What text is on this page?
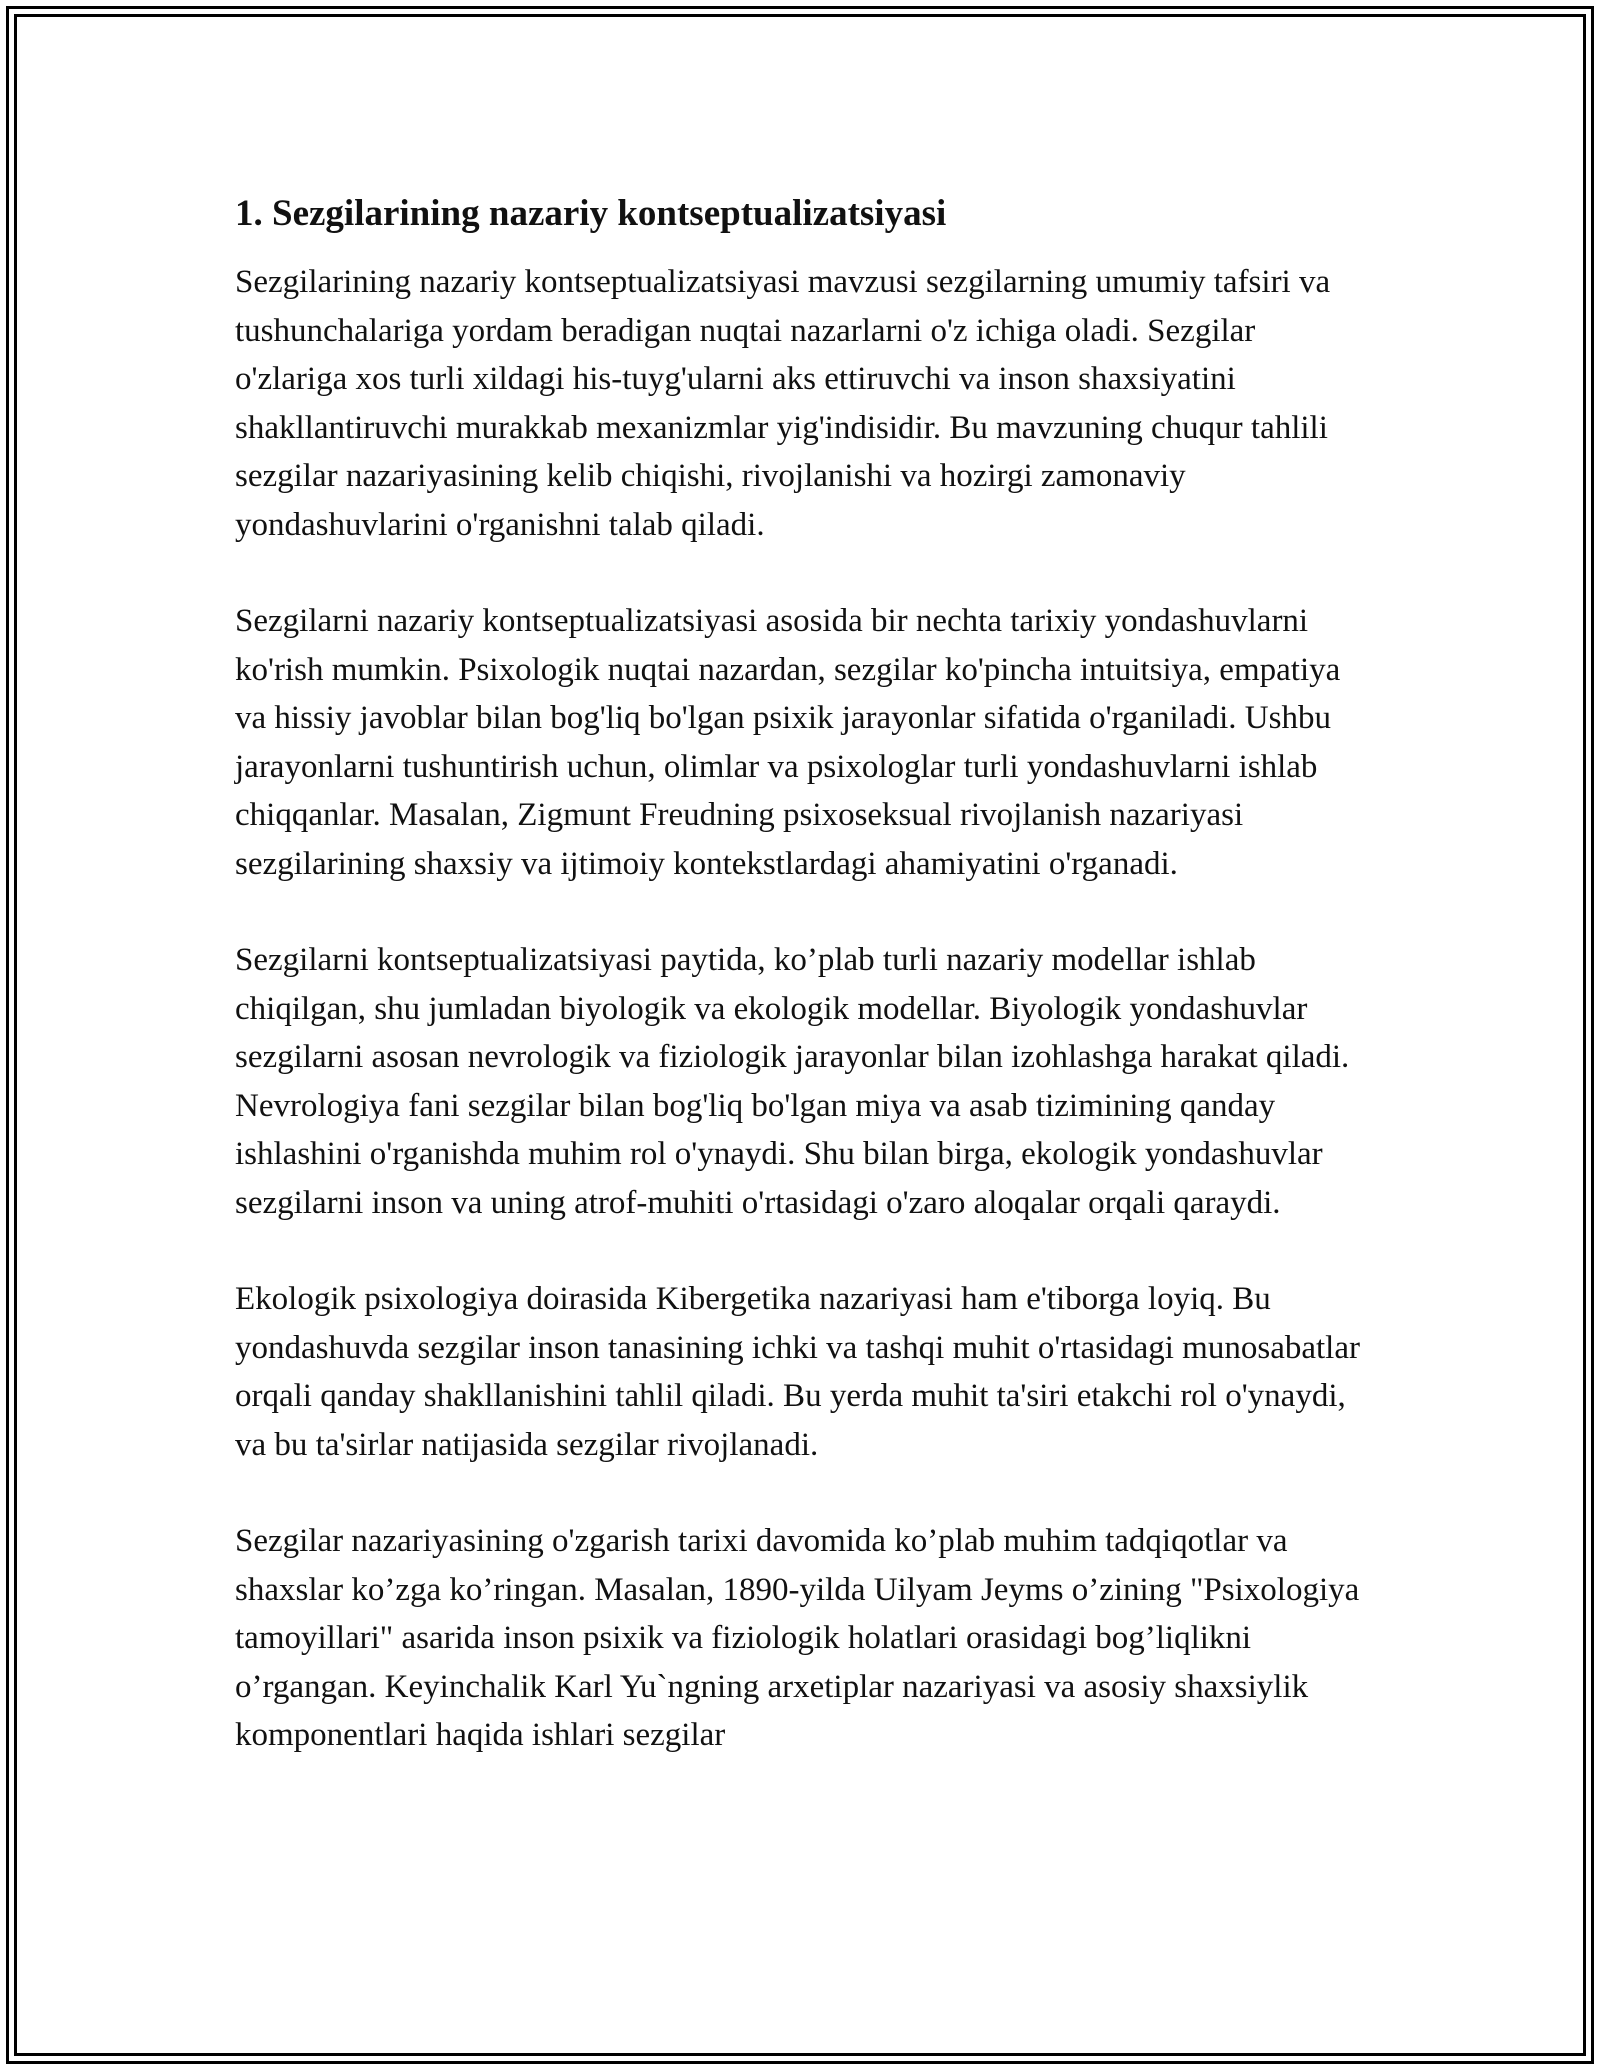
1. Sezgilarining nazariy kontseptualizatsiyasi

Sezgilarining nazariy kontseptualizatsiyasi mavzusi sezgilarning umumiy tafsiri va tushunchalariga yordam beradigan nuqtai nazarlarni o'z ichiga oladi. Sezgilar o'zlariga xos turli xildagi his-tuyg'ularni aks ettiruvchi va inson shaxsiyatini shakllantiruvchi murakkab mexanizmlar yig'indisidir. Bu mavzuning chuqur tahlili sezgilar nazariyasining kelib chiqishi, rivojlanishi va hozirgi zamonaviy yondashuvlarini o'rganishni talab qiladi.

Sezgilarni nazariy kontseptualizatsiyasi asosida bir nechta tarixiy yondashuvlarni ko'rish mumkin. Psixologik nuqtai nazardan, sezgilar ko'pincha intuitsiya, empatiya va hissiy javoblar bilan bog'liq bo'lgan psixik jarayonlar sifatida o'rganiladi. Ushbu jarayonlarni tushuntirish uchun, olimlar va psixologlar turli yondashuvlarni ishlab chiqqanlar. Masalan, Zigmunt Freudning psixoseksual rivojlanish nazariyasi sezgilarining shaxsiy va ijtimoiy kontekstlardagi ahamiyatini o'rganadi.

Sezgilarni kontseptualizatsiyasi paytida, ko’plab turli nazariy modellar ishlab chiqilgan, shu jumladan biyologik va ekologik modellar. Biyologik yondashuvlar sezgilarni asosan nevrologik va fiziologik jarayonlar bilan izohlashga harakat qiladi. Nevrologiya fani sezgilar bilan bog'liq bo'lgan miya va asab tizimining qanday ishlashini o'rganishda muhim rol o'ynaydi. Shu bilan birga, ekologik yondashuvlar sezgilarni inson va uning atrof-muhiti o'rtasidagi o'zaro aloqalar orqali qaraydi.

Ekologik psixologiya doirasida Kibergetika nazariyasi ham e'tiborga loyiq. Bu yondashuvda sezgilar inson tanasining ichki va tashqi muhit o'rtasidagi munosabatlar orqali qanday shakllanishini tahlil qiladi. Bu yerda muhit ta'siri etakchi rol o'ynaydi, va bu ta'sirlar natijasida sezgilar rivojlanadi.

Sezgilar nazariyasining o'zgarish tarixi davomida ko’plab muhim tadqiqotlar va shaxslar ko’zga ko’ringan. Masalan, 1890-yilda Uilyam Jeyms o’zining "Psixologiya tamoyillari" asarida inson psixik va fiziologik holatlari orasidagi bog’liqlikni o’rgangan. Keyinchalik Karl Yu`ngning arxetiplar nazariyasi va asosiy shaxsiylik komponentlari haqida ishlari sezgilar
